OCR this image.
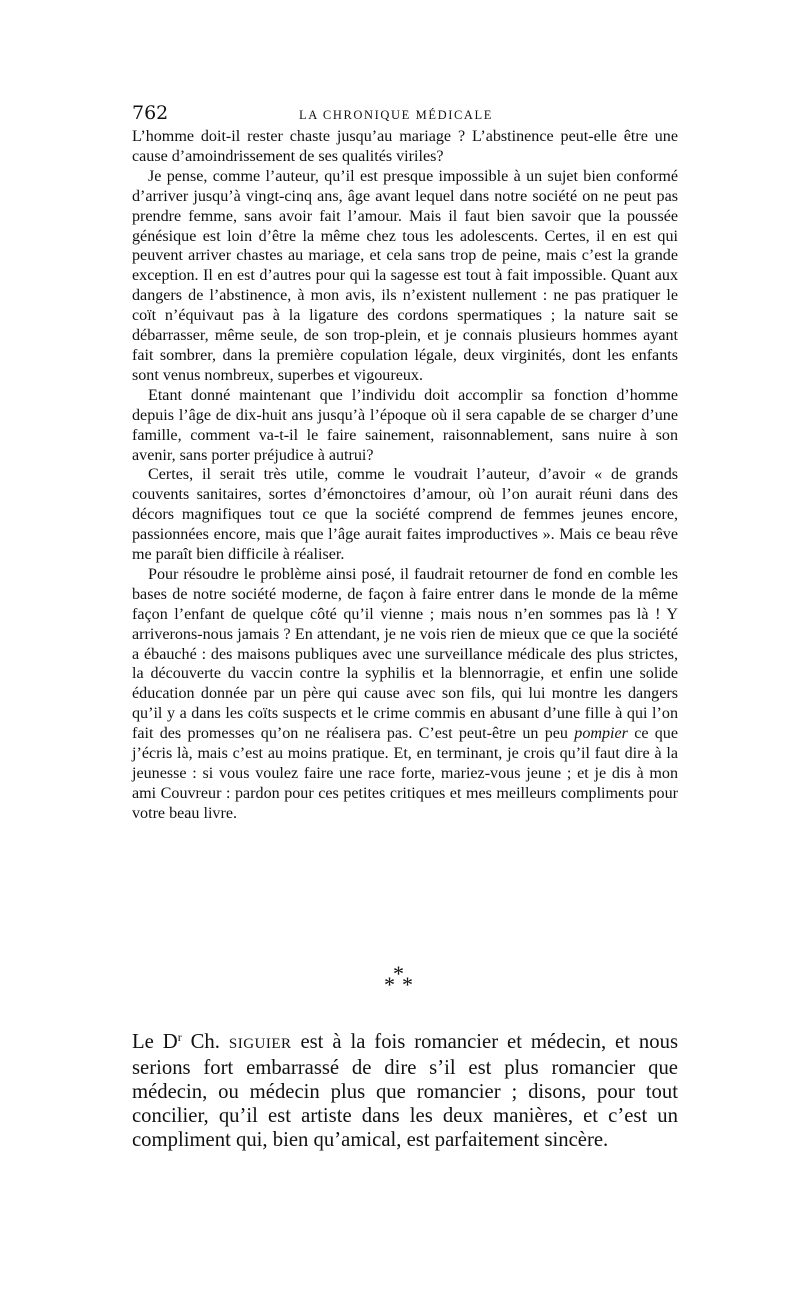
762	LA CHRONIQUE MÉDICALE

L’homme doit-il rester chaste jusqu’au mariage ? L’abstinence peut-elle être une cause d’amoindrissement de ses qualités viriles?

Je pense, comme l’auteur, qu’il est presque impossible à un sujet bien conformé d’arriver jusqu’à vingt-cinq ans, âge avant lequel dans notre société on ne peut pas prendre femme, sans avoir fait l’amour. Mais il faut bien savoir que la poussée génésique est loin d’être la même chez tous les adolescents. Certes, il en est qui peuvent arriver chastes au mariage, et cela sans trop de peine, mais c’est la grande exception. Il en est d’autres pour qui la sagesse est tout à fait impossible. Quant aux dangers de l’abstinence, à mon avis, ils n’existent nullement : ne pas pratiquer le coït n’équivaut pas à la ligature des cordons spermatiques ; la nature sait se débarrasser, même seule, de son trop-plein, et je connais plusieurs hommes ayant fait sombrer, dans la première copulation légale, deux virginités, dont les enfants sont venus nombreux, superbes et vigoureux.

Etant donné maintenant que l’individu doit accomplir sa fonction d’homme depuis l’âge de dix-huit ans jusqu’à l’époque où il sera capable de se charger d’une famille, comment va-t-il le faire sainement, raisonnablement, sans nuire à son avenir, sans porter préjudice à autrui?

Certes, il serait très utile, comme le voudrait l’auteur, d’avoir « de grands couvents sanitaires, sortes d’émonctoires d’amour, où l’on aurait réuni dans des décors magnifiques tout ce que la société comprend de femmes jeunes encore, passionnées encore, mais que l’âge aurait faites improductives ». Mais ce beau rêve me paraît bien difficile à réaliser.

Pour résoudre le problème ainsi posé, il faudrait retourner de fond en comble les bases de notre société moderne, de façon à faire entrer dans le monde de la même façon l’enfant de quelque côté qu’il vienne ; mais nous n’en sommes pas là ! Y arriverons-nous jamais ? En attendant, je ne vois rien de mieux que ce que la société a ébauché : des maisons publiques avec une surveillance médicale des plus strictes, la découverte du vaccin contre la syphilis et la blennorragie, et enfin une solide éducation donnée par un père qui cause avec son fils, qui lui montre les dangers qu’il y a dans les coïts suspects et le crime commis en abusant d’une fille à qui l’on fait des promesses qu’on ne réalisera pas. C’est peut-être un peu pompier ce que j’écris là, mais c’est au moins pratique. Et, en terminant, je crois qu’il faut dire à la jeunesse : si vous voulez faire une race forte, mariez-vous jeune ; et je dis à mon ami Couvreur : pardon pour ces petites critiques et mes meilleurs compliments pour votre beau livre.

*
*
*

Le $D^r$ Ch. SIGUIER est à la fois romancier et médecin, et nous serions fort embarrassé de dire s’il est plus romancier que médecin, ou médecin plus que romancier ; disons, pour tout concilier, qu’il est artiste dans les deux manières, et c’est un compliment qui, bien qu’amical, est parfaitement sincère.
